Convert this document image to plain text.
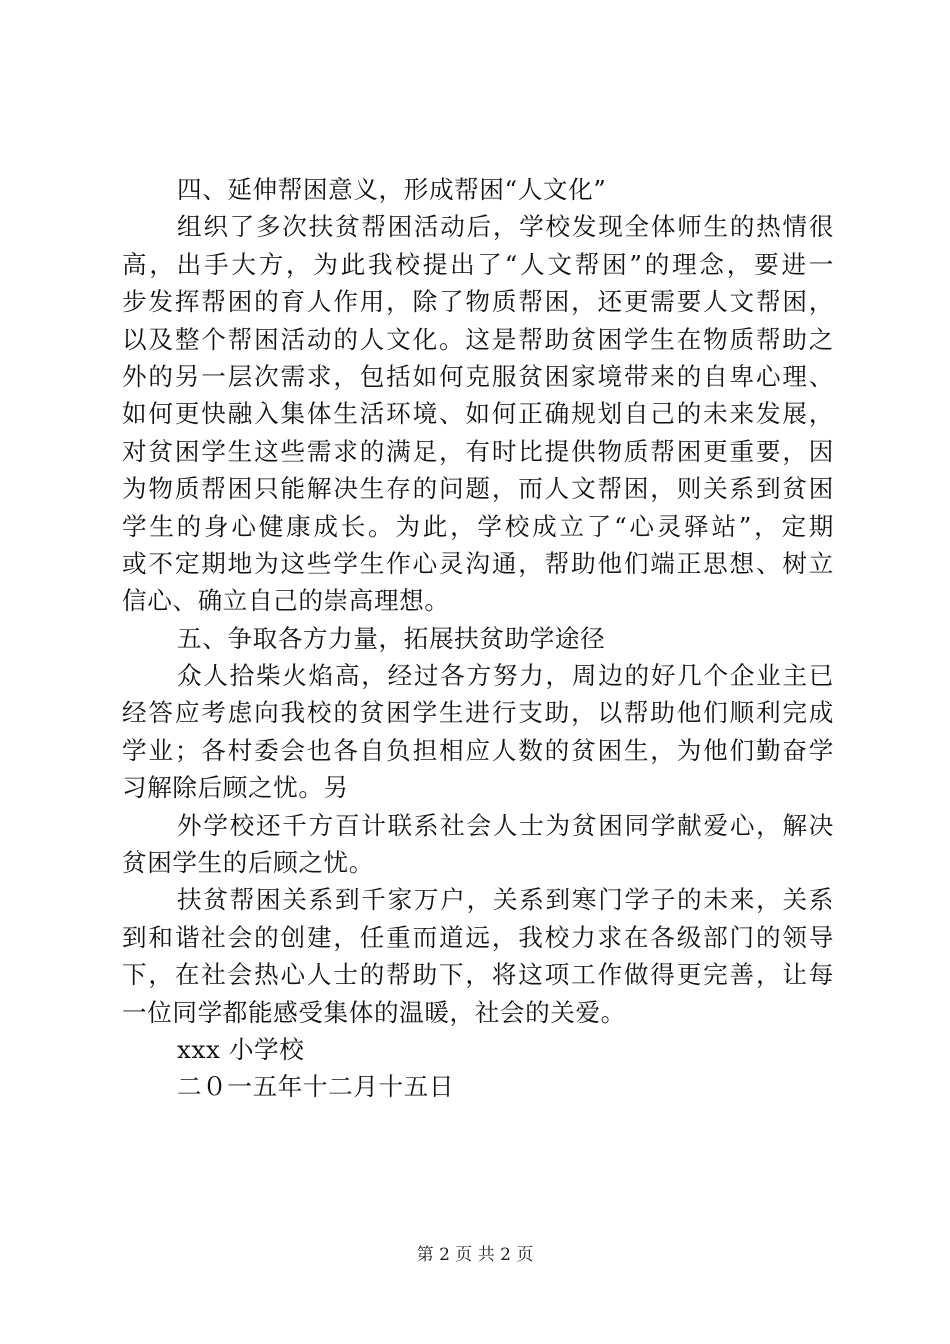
四、延伸帮困意义，形成帮困“人文化”
组织了多次扶贫帮困活动后，学校发现全体师生的热情很
高，出手大方，为此我校提出了“人文帮困”的理念，要进一
步发挥帮困的育人作用，除了物质帮困，还更需要人文帮困，
以及整个帮困活动的人文化。这是帮助贫困学生在物质帮助之
外的另一层次需求，包括如何克服贫困家境带来的自卑心理、
如何更快融入集体生活环境、如何正确规划自己的未来发展，
对贫困学生这些需求的满足，有时比提供物质帮困更重要，因
为物质帮困只能解决生存的问题，而人文帮困，则关系到贫困
学生的身心健康成长。为此，学校成立了“心灵驿站”，定期
或不定期地为这些学生作心灵沟通，帮助他们端正思想、树立
信心、确立自己的崇高理想。
五、争取各方力量，拓展扶贫助学途径
众人拾柴火焰高，经过各方努力，周边的好几个企业主已
经答应考虑向我校的贫困学生进行支助，以帮助他们顺利完成
学业；各村委会也各自负担相应人数的贫困生，为他们勤奋学
习解除后顾之忧。另
外学校还千方百计联系社会人士为贫困同学献爱心，解决
贫困学生的后顾之忧。
扶贫帮困关系到千家万户，关系到寒门学子的未来，关系
到和谐社会的创建，任重而道远，我校力求在各级部门的领导
下，在社会热心人士的帮助下，将这项工作做得更完善，让每
一位同学都能感受集体的温暖，社会的关爱。
xxx 小学校
二０一五年十二月十五日
第 2 页 共 2 页
